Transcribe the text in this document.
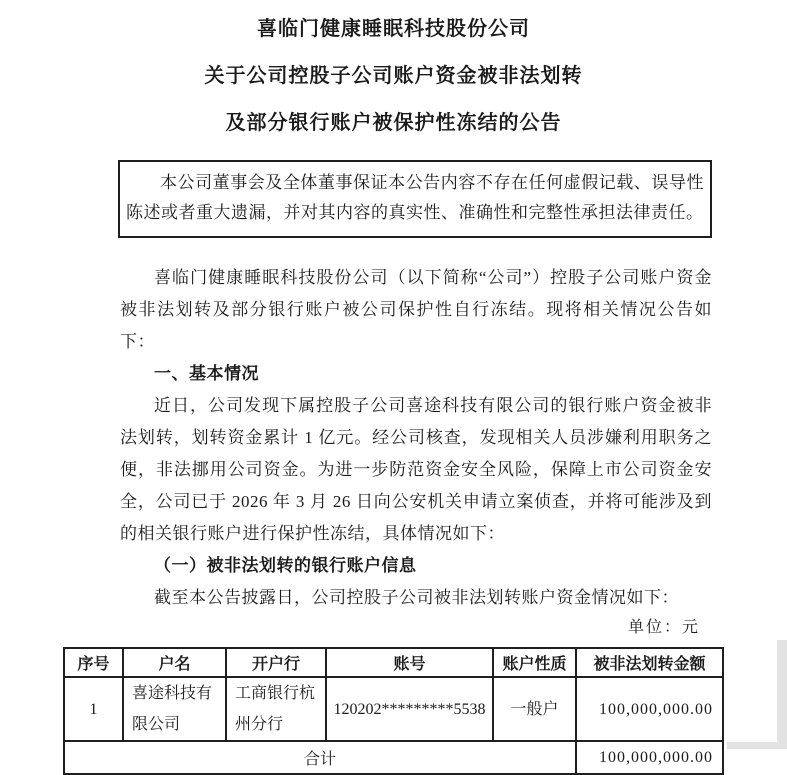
喜临门健康睡眠科技股份公司
关于公司控股子公司账户资金被非法划转
及部分银行账户被保护性冻结的公告
本公司董事会及全体董事保证本公告内容不存在任何虚假记载、误导性陈述或者重大遗漏，并对其内容的真实性、准确性和完整性承担法律责任。

喜临门健康睡眠科技股份公司（以下简称“公司”）控股子公司账户资金被非法划转及部分银行账户被公司保护性自行冻结。现将相关情况公告如下：

一、基本情况

近日，公司发现下属控股子公司喜途科技有限公司的银行账户资金被非法划转，划转资金累计 1 亿元。经公司核查，发现相关人员涉嫌利用职务之便，非法挪用公司资金。为进一步防范资金安全风险，保障上市公司资金安全，公司已于 2026 年 3 月 26 日向公安机关申请立案侦查，并将可能涉及到的相关银行账户进行保护性冻结，具体情况如下：

（一）被非法划转的银行账户信息

截至本公告披露日，公司控股子公司被非法划转账户资金情况如下：

单位：元
序号	户名	开户行	账号	账户性质	被非法划转金额
1	喜途科技有限公司	工商银行杭州分行	120202*********5538	一般户	100,000,000.00
合计					100,000,000.00
